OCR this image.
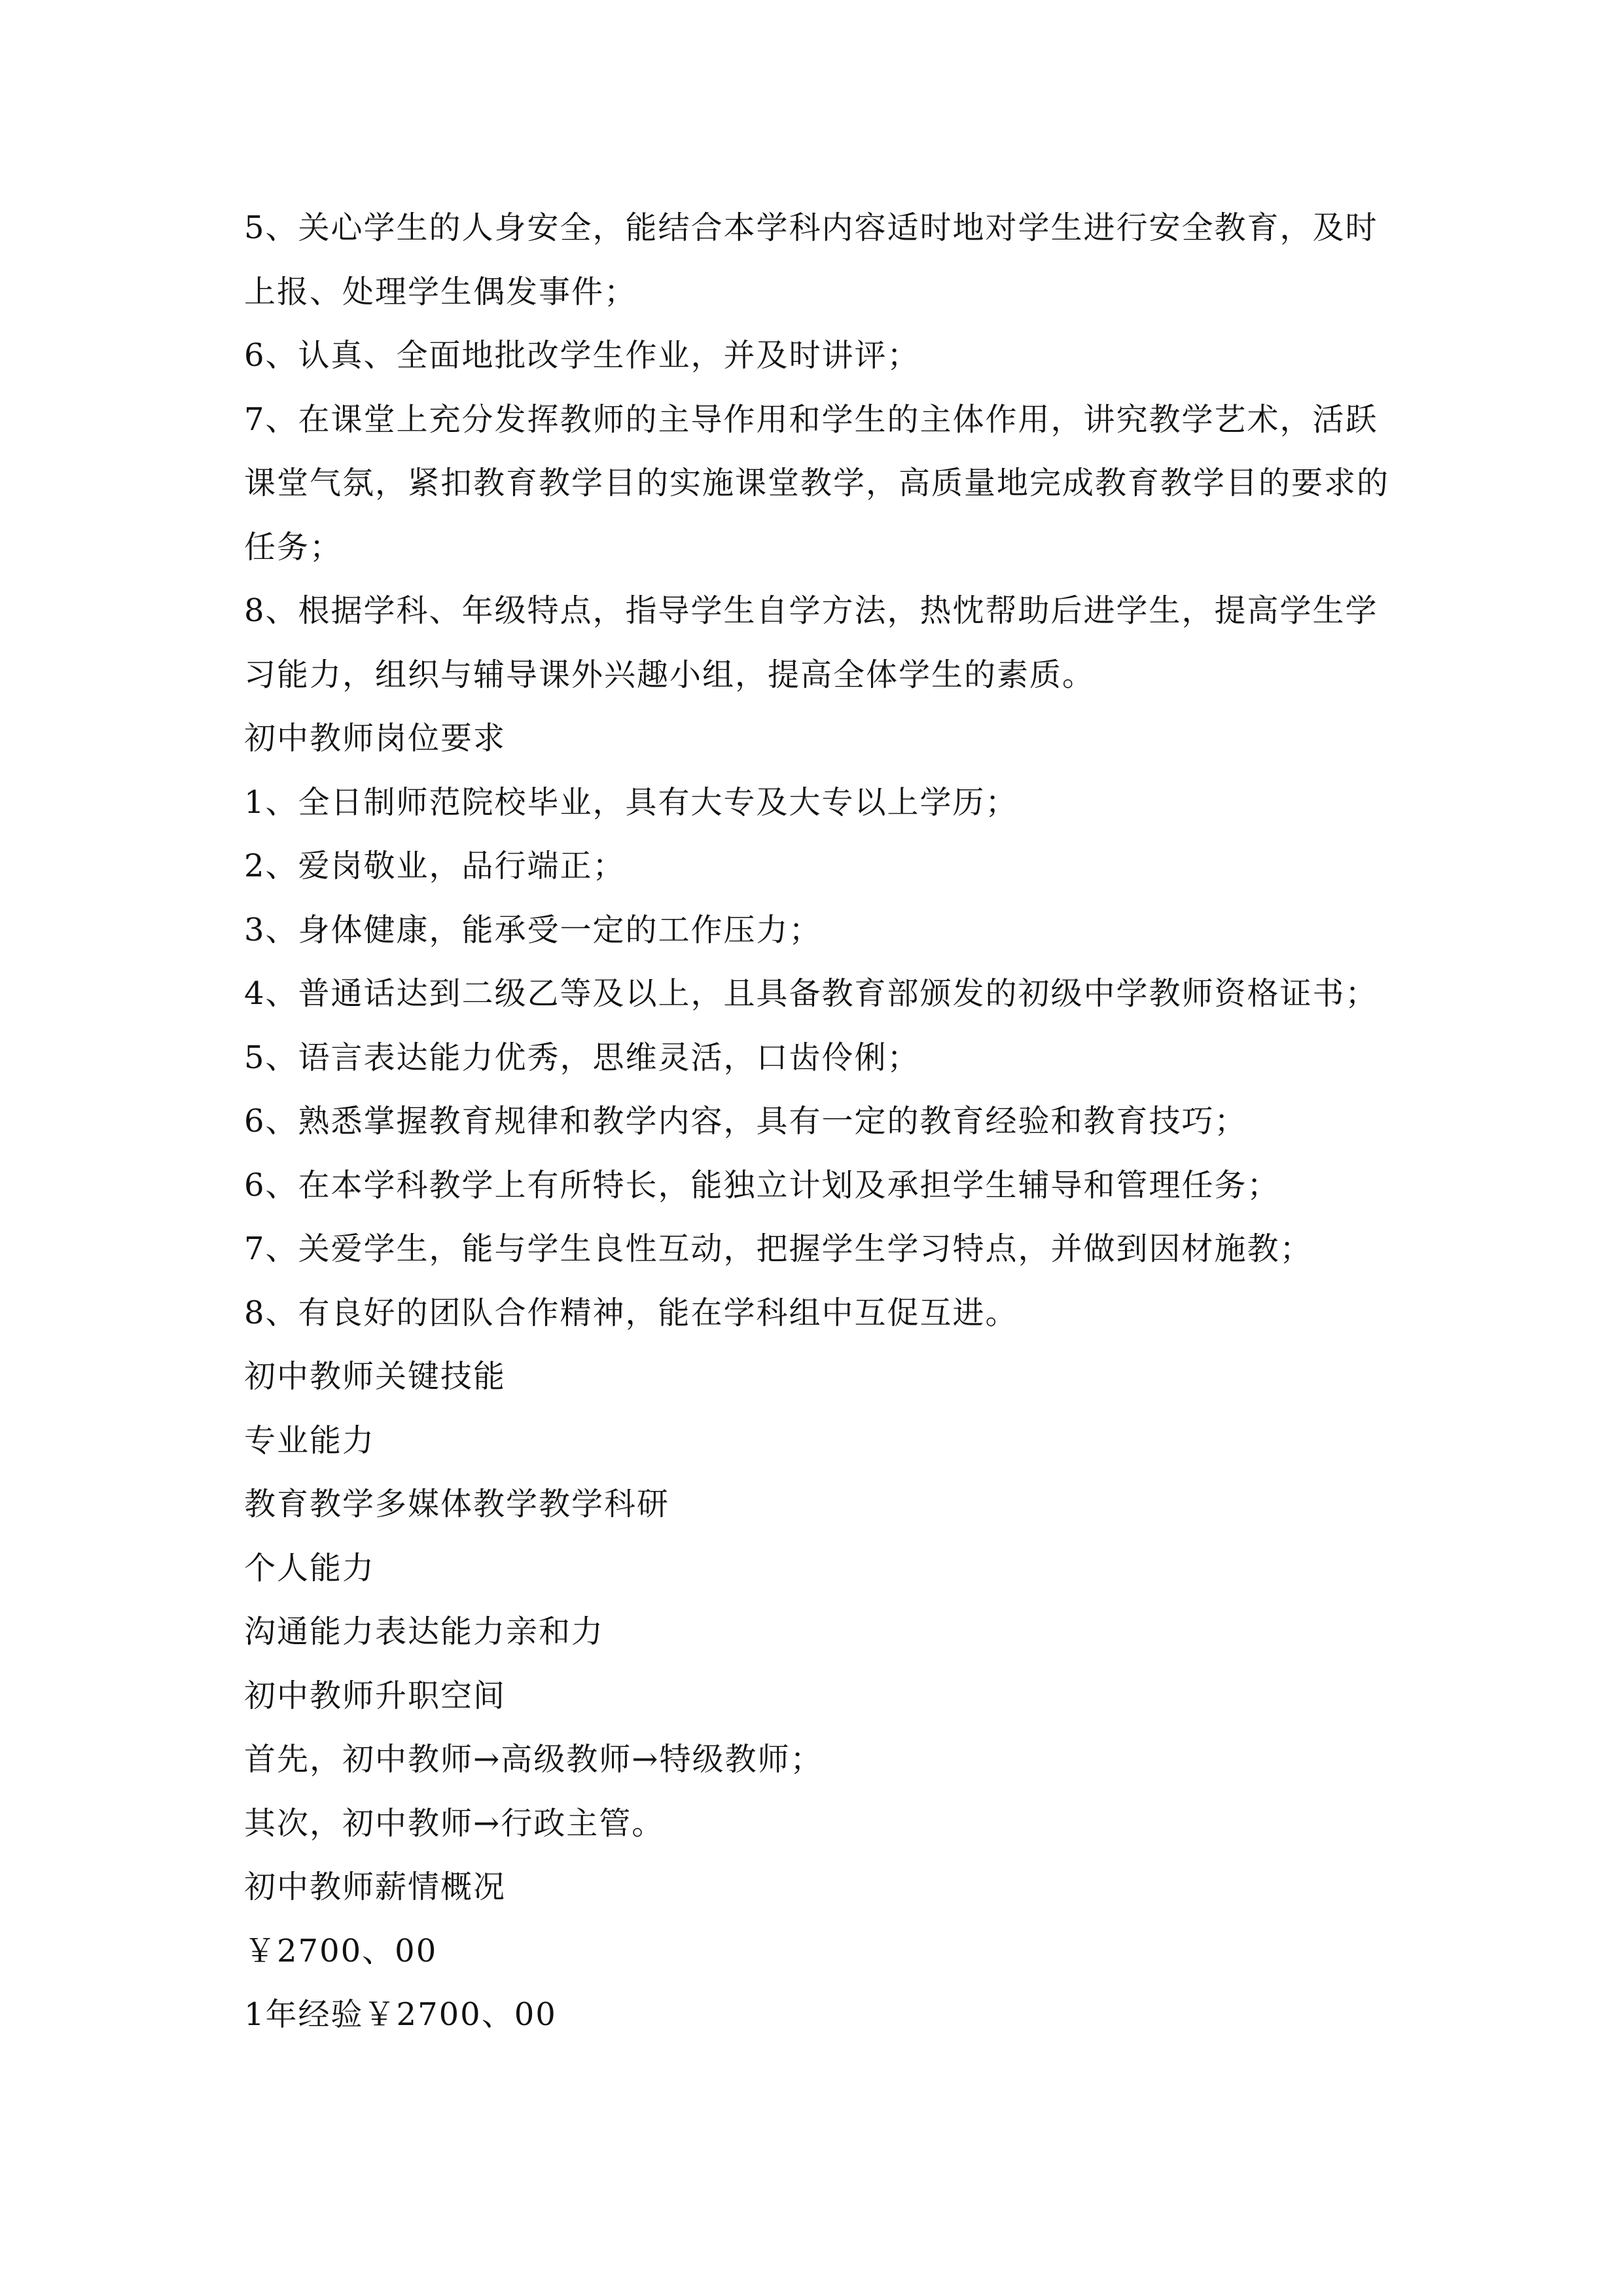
5、关心学生的人身安全，能结合本学科内容适时地对学生进行安全教育，及时
上报、处理学生偶发事件；
6、认真、全面地批改学生作业，并及时讲评；
7、在课堂上充分发挥教师的主导作用和学生的主体作用，讲究教学艺术，活跃
课堂气氛，紧扣教育教学目的实施课堂教学，高质量地完成教育教学目的要求的
任务；
8、根据学科、年级特点，指导学生自学方法，热忱帮助后进学生，提高学生学
习能力，组织与辅导课外兴趣小组，提高全体学生的素质。
初中教师岗位要求
1、全日制师范院校毕业，具有大专及大专以上学历；
2、爱岗敬业，品行端正；
3、身体健康，能承受一定的工作压力；
4、普通话达到二级乙等及以上，且具备教育部颁发的初级中学教师资格证书；
5、语言表达能力优秀，思维灵活，口齿伶俐；
6、熟悉掌握教育规律和教学内容，具有一定的教育经验和教育技巧；
6、在本学科教学上有所特长，能独立计划及承担学生辅导和管理任务；
7、关爱学生，能与学生良性互动，把握学生学习特点，并做到因材施教；
8、有良好的团队合作精神，能在学科组中互促互进。
初中教师关键技能
专业能力
教育教学多媒体教学教学科研
个人能力
沟通能力表达能力亲和力
初中教师升职空间
首先，初中教师→高级教师→特级教师；
其次，初中教师→行政主管。
初中教师薪情概况
￥2700、00
1年经验￥2700、00
